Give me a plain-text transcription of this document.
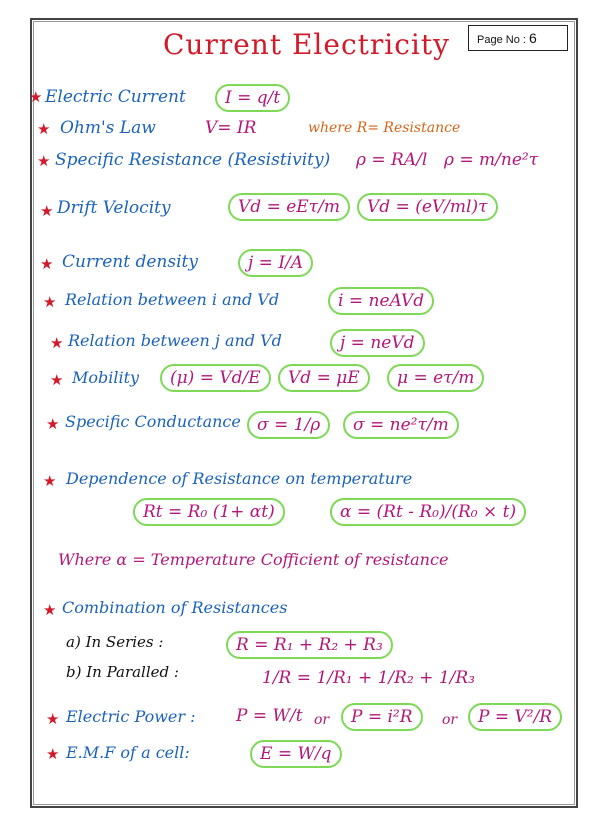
Page No : 6
Current Electricity
★ Electric Current	I = q/t
★ Ohm's Law	V= IR	where R= Resistance
★ Specific Resistance (Resistivity) ρ = RA/l ρ = m/ne²τ
★ Drift Velocity	Vd = eEτ/m	Vd = (eV/ml)τ
★ Current density	j = I/A
★ Relation between i and Vd	i = neAVd
★ Relation between j and Vd	j = neVd
★ Mobility	(μ) = Vd/E	Vd = μE	μ = eτ/m
★ Specific Conductance σ = 1/ρ	σ = ne²τ/m
★ Dependence of Resistance on temperature
Rt = R₀ (1+ αt)	α = (Rt - R₀)/(R₀ × t)
Where α = Temperature Cofficient of resistance
★ Combination of Resistances
a) In Series :	R = R₁ + R₂ + R₃
b) In Paralled :	1/R = 1/R₁ + 1/R₂ + 1/R₃
★ Electric Power : P = W/t or	P = i²R	or	P = V²/R
★ E.M.F of a cell:	E = W/q
